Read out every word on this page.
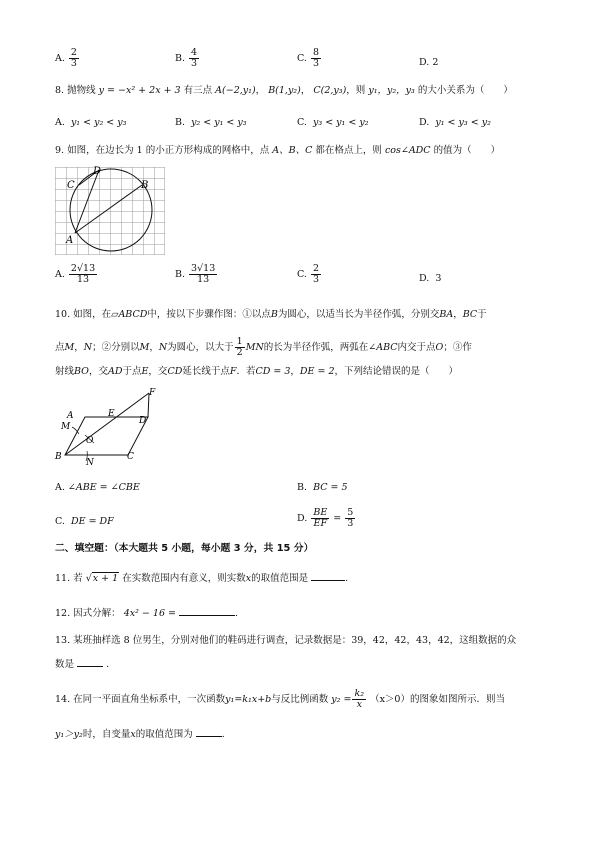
A. $\frac{2}{3}$	B. $\frac{4}{3}$	C. $\frac{8}{3}$	D. 2
8. 抛物线 y = −x² + 2x + 3 有三点 A(−2,y₁)， B(1,y₂)， C(2,y₃)，则 y₁，y₂，y₃ 的大小关系为（　　）
A. y₁ < y₂ < y₃	B. y₂ < y₁ < y₃	C. y₃ < y₁ < y₂	D. y₁ < y₃ < y₂
9. 如图，在边长为 1 的小正方形构成的网格中，点 A、B、C 都在格点上，则 cos∠ADC 的值为（　　）
D
C	B
A
A. $\frac{2√13}{13}$	B. $\frac{3√13}{13}$	C. $\frac{2}{3}$	D. 3
10. 如图，在▱ABCD中，按以下步骤作图：①以点B为圆心，以适当长为半径作弧，分别交BA，BC于
点M，N；②分别以M，N为圆心，以大于 $\frac{1}{2}$ MN的长为半径作弧，两弧在∠ABC内交于点O；③作
射线BO，交AD于点E，交CD延长线于点F．若CD = 3，DE = 2，下列结论错误的是（　　）
F
A	E
D
M
O
B
N
C
A. ∠ABE = ∠CBE	B. BC = 5
C. DE = DF	D. $\frac{BE}{EF} = \frac{5}{3}$
二、填空题：（本大题共 5 小题，每小题 3 分，共 15 分）
11. 若 √x + 1 在实数范围内有意义，则实数x的取值范围是	.
12. 因式分解： 4x² − 16 =	.
13. 某班抽样选 8 位男生，分别对他们的鞋码进行调查，记录数据是：39，42，42，43，42，这组数据的众
数是	.
14. 在同一平面直角坐标系中，一次函数y₁=k₁x+b与反比例函数 $y_2 = \frac{\text{k₂}}{x} (x>0)$的图象如图所示．则当
y₁＞y₂时，自变量x的取值范围为	.
